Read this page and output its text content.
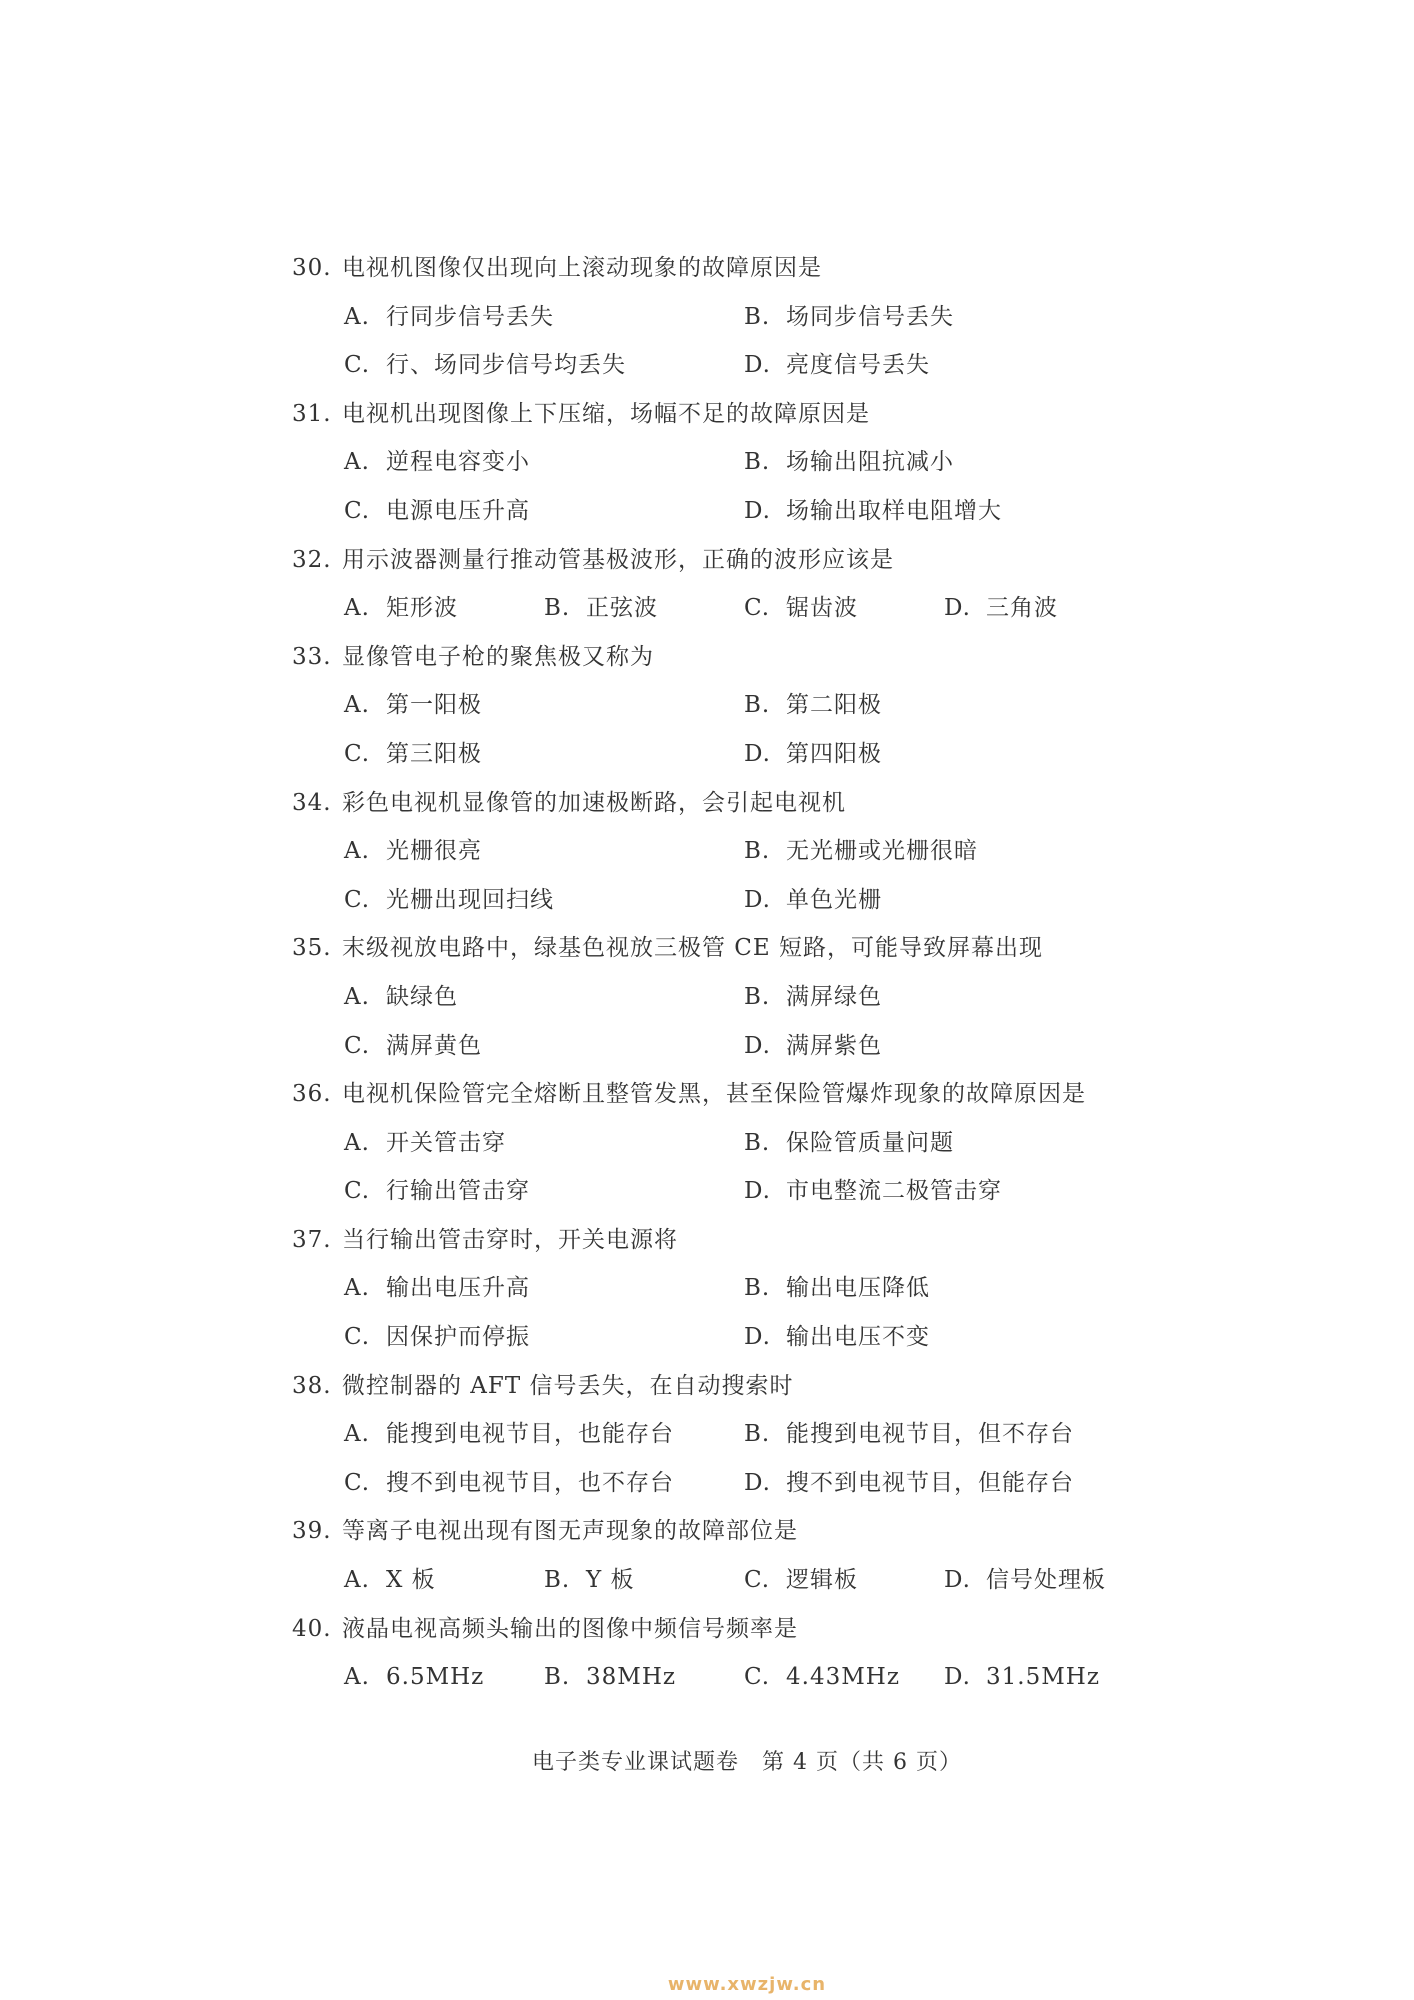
30. 电视机图像仅出现向上滚动现象的故障原因是
A. 行同步信号丢失	B. 场同步信号丢失
C. 行、场同步信号均丢失	D. 亮度信号丢失
31. 电视机出现图像上下压缩，场幅不足的故障原因是
A. 逆程电容变小	B. 场输出阻抗减小
C. 电源电压升高	D. 场输出取样电阻增大
32. 用示波器测量行推动管基极波形，正确的波形应该是
A. 矩形波	B. 正弦波	C. 锯齿波	D. 三角波
33. 显像管电子枪的聚焦极又称为
A. 第一阳极	B. 第二阳极
C. 第三阳极	D. 第四阳极
34. 彩色电视机显像管的加速极断路，会引起电视机
A. 光栅很亮	B. 无光栅或光栅很暗
C. 光栅出现回扫线	D. 单色光栅
35. 末级视放电路中，绿基色视放三极管 CE 短路，可能导致屏幕出现
A. 缺绿色	B. 满屏绿色
C. 满屏黄色	D. 满屏紫色
36. 电视机保险管完全熔断且整管发黑，甚至保险管爆炸现象的故障原因是
A. 开关管击穿	B. 保险管质量问题
C. 行输出管击穿	D. 市电整流二极管击穿
37. 当行输出管击穿时，开关电源将
A. 输出电压升高	B. 输出电压降低
C. 因保护而停振	D. 输出电压不变
38. 微控制器的 AFT 信号丢失，在自动搜索时
A. 能搜到电视节目，也能存台	B. 能搜到电视节目，但不存台
C. 搜不到电视节目，也不存台	D. 搜不到电视节目，但能存台
39. 等离子电视出现有图无声现象的故障部位是
A. X 板	B. Y 板	C. 逻辑板	D. 信号处理板
40. 液晶电视高频头输出的图像中频信号频率是
A. 6.5MHz	B. 38MHz	C. 4.43MHz D. 31.5MHz
电子类专业课试题卷　第 4 页（共 6 页）
www.xwzjw.cn
